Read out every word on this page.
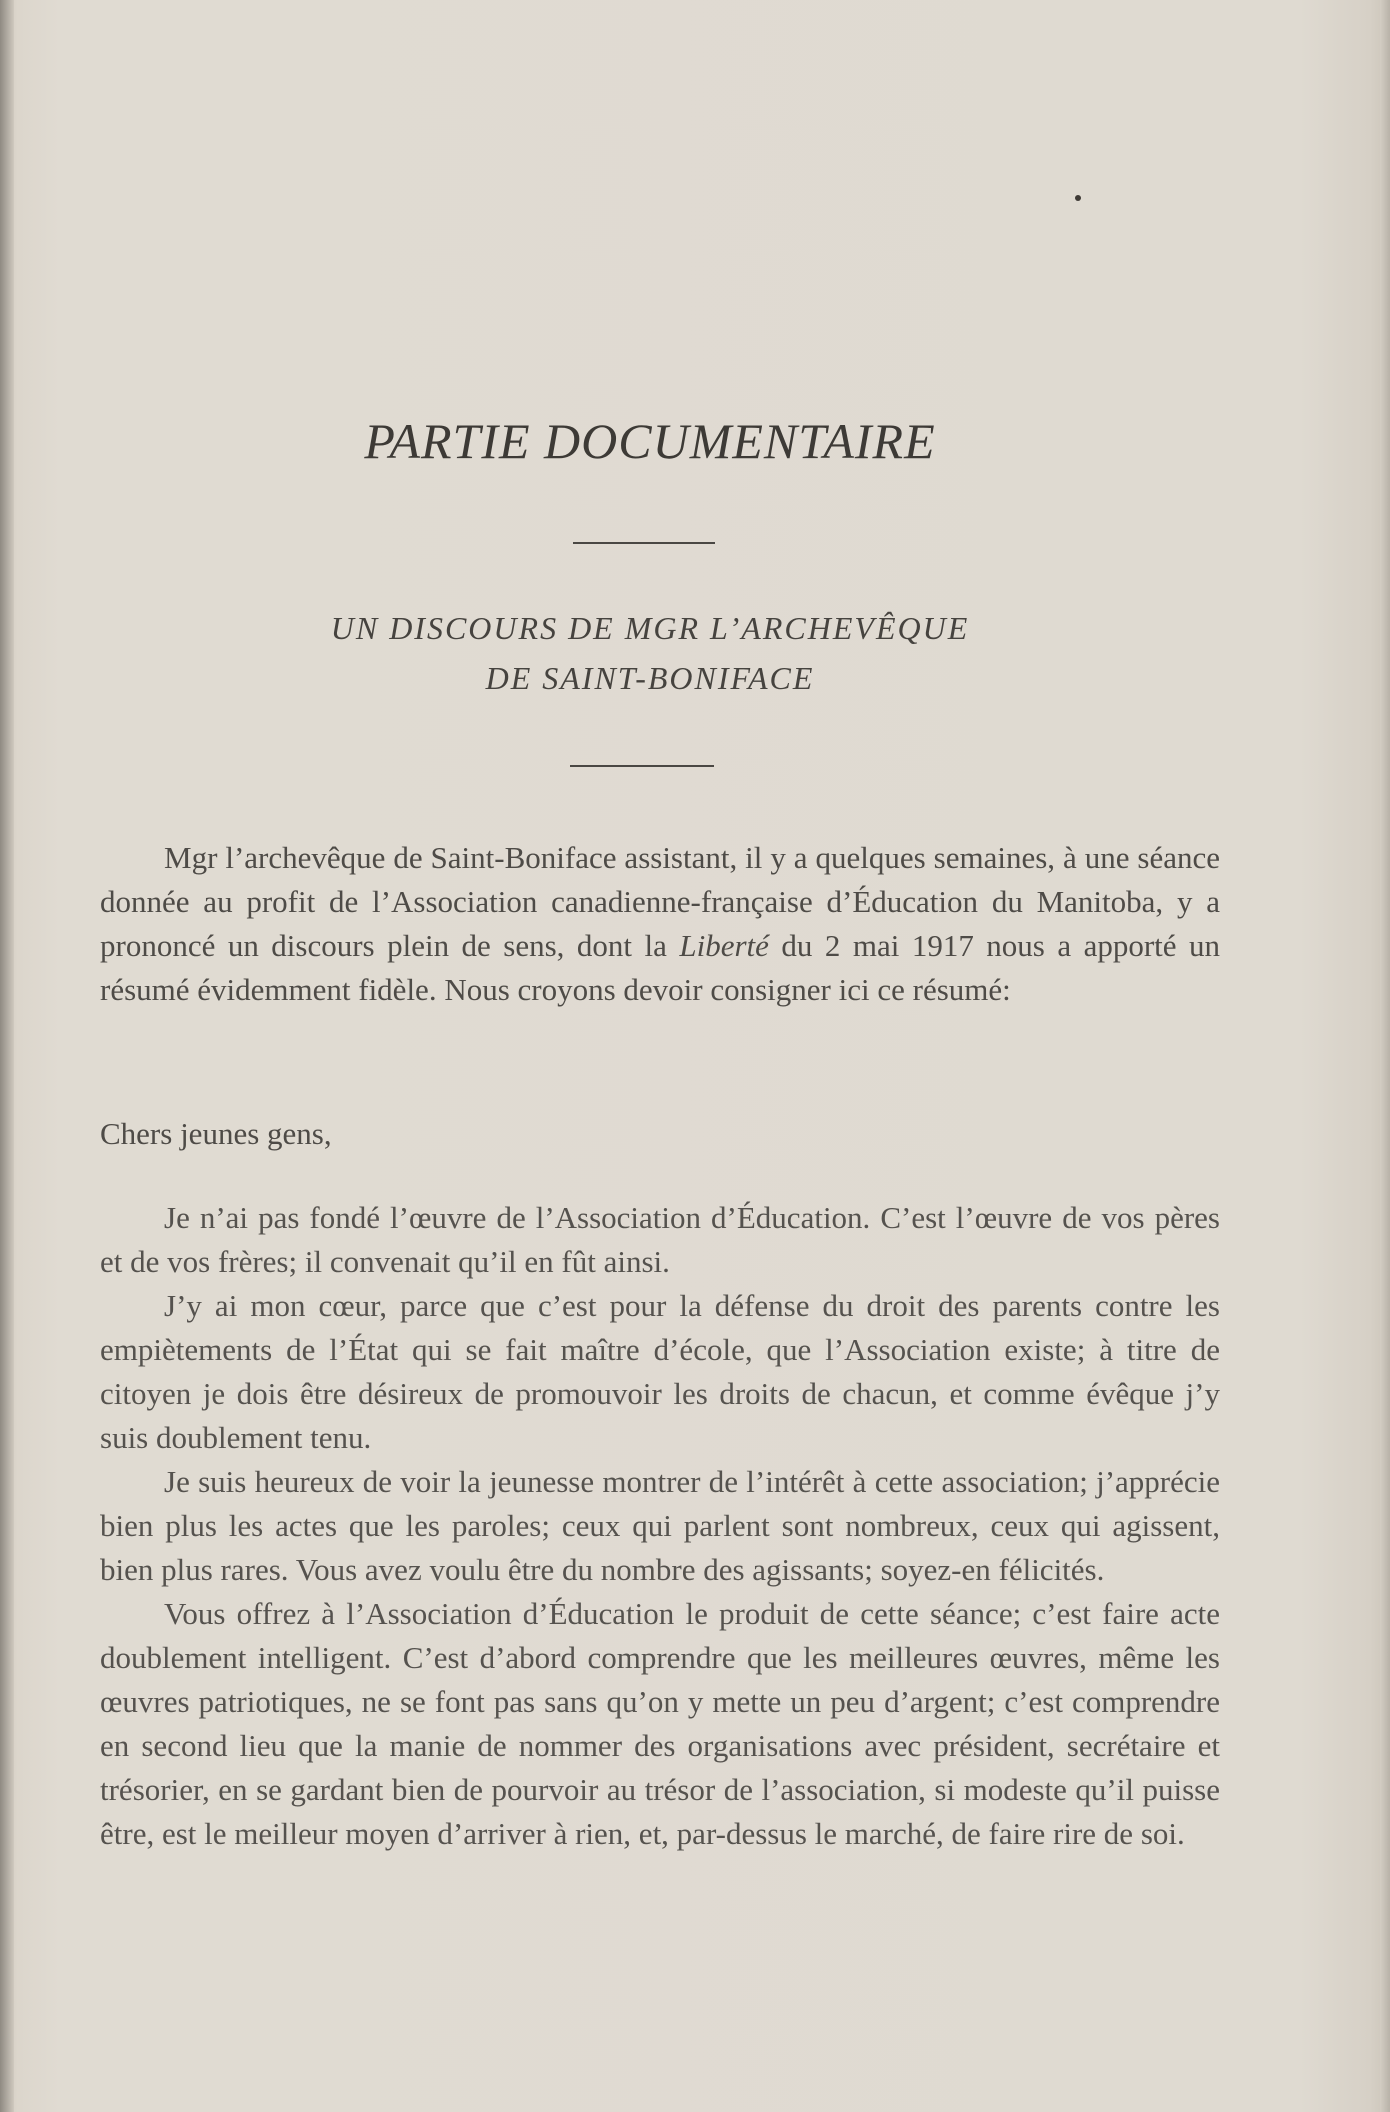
PARTIE DOCUMENTAIRE
UN DISCOURS DE MGR L’ARCHEVÊQUE
DE SAINT-BONIFACE

Mgr l’archevêque de Saint-Boniface assistant, il y a quelques semaines, à une séance donnée au profit de l’Association canadienne-française d’Éducation du Manitoba, y a prononcé un discours plein de sens, dont la Liberté du 2 mai 1917 nous a apporté un résumé évidemment fidèle. Nous croyons devoir consigner ici ce résumé:

Chers jeunes gens,

Je n’ai pas fondé l’œuvre de l’Association d’Éducation. C’est l’œuvre de vos pères et de vos frères; il convenait qu’il en fût ainsi.

J’y ai mon cœur, parce que c’est pour la défense du droit des parents contre les empiètements de l’État qui se fait maître d’école, que l’Association existe; à titre de citoyen je dois être désireux de promouvoir les droits de chacun, et comme évêque j’y suis doublement tenu.

Je suis heureux de voir la jeunesse montrer de l’intérêt à cette association; j’apprécie bien plus les actes que les paroles; ceux qui parlent sont nombreux, ceux qui agissent, bien plus rares. Vous avez voulu être du nombre des agissants; soyez-en félicités.

Vous offrez à l’Association d’Éducation le produit de cette séance; c’est faire acte doublement intelligent. C’est d’abord comprendre que les meilleures œuvres, même les œuvres patriotiques, ne se font pas sans qu’on y mette un peu d’argent; c’est comprendre en second lieu que la manie de nommer des organisations avec président, secrétaire et trésorier, en se gardant bien de pourvoir au trésor de l’association, si modeste qu’il puisse être, est le meilleur moyen d’arriver à rien, et, par-dessus le marché, de faire rire de soi.
